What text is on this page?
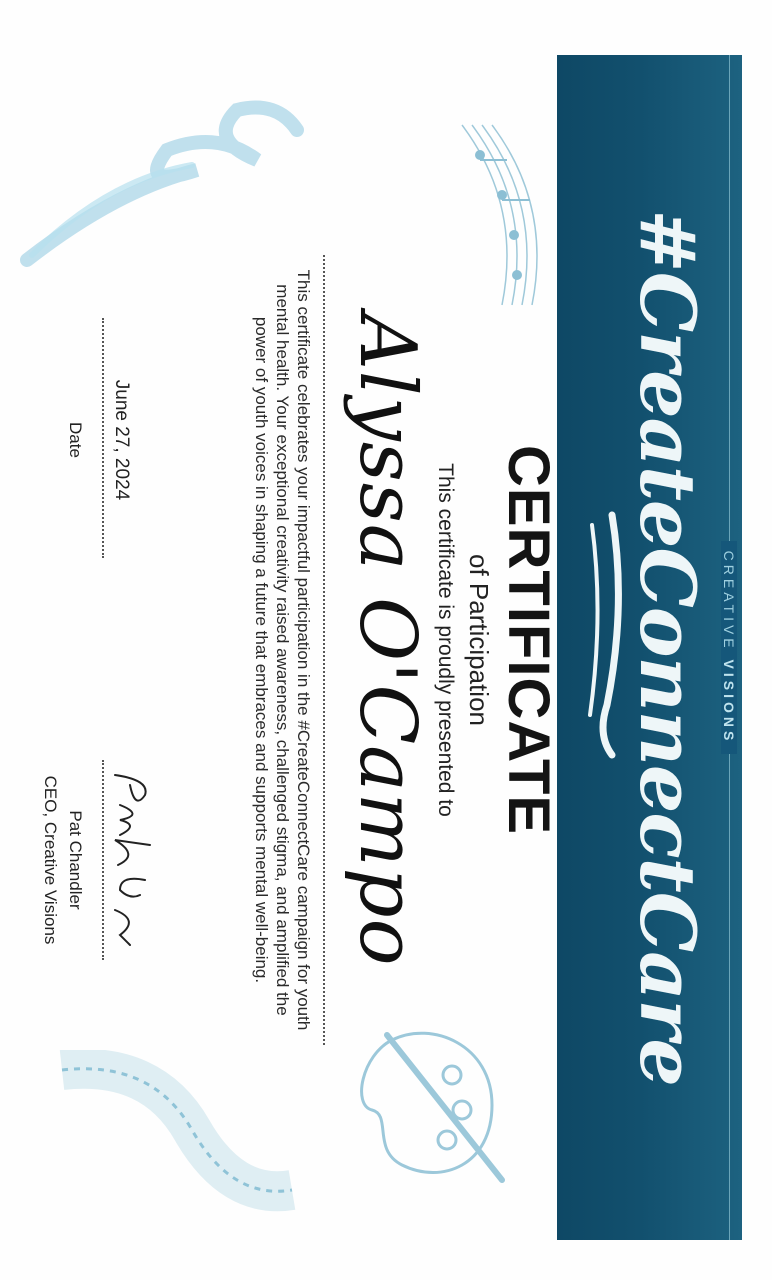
CREATIVE VISIONS
#CreateConnectCare
CERTIFICATE
of Participation
This certificate is proudly presented to
Alyssa O'Campo
This certificate celebrates your impactful participation in the #CreateConnectCare campaign for youth mental health. Your exceptional creativity raised awareness, challenged stigma, and amplified the power of youth voices in shaping a future that embraces and supports mental well-being.
June 27, 2024
Date
Pat Chandler
CEO, Creative Visions
